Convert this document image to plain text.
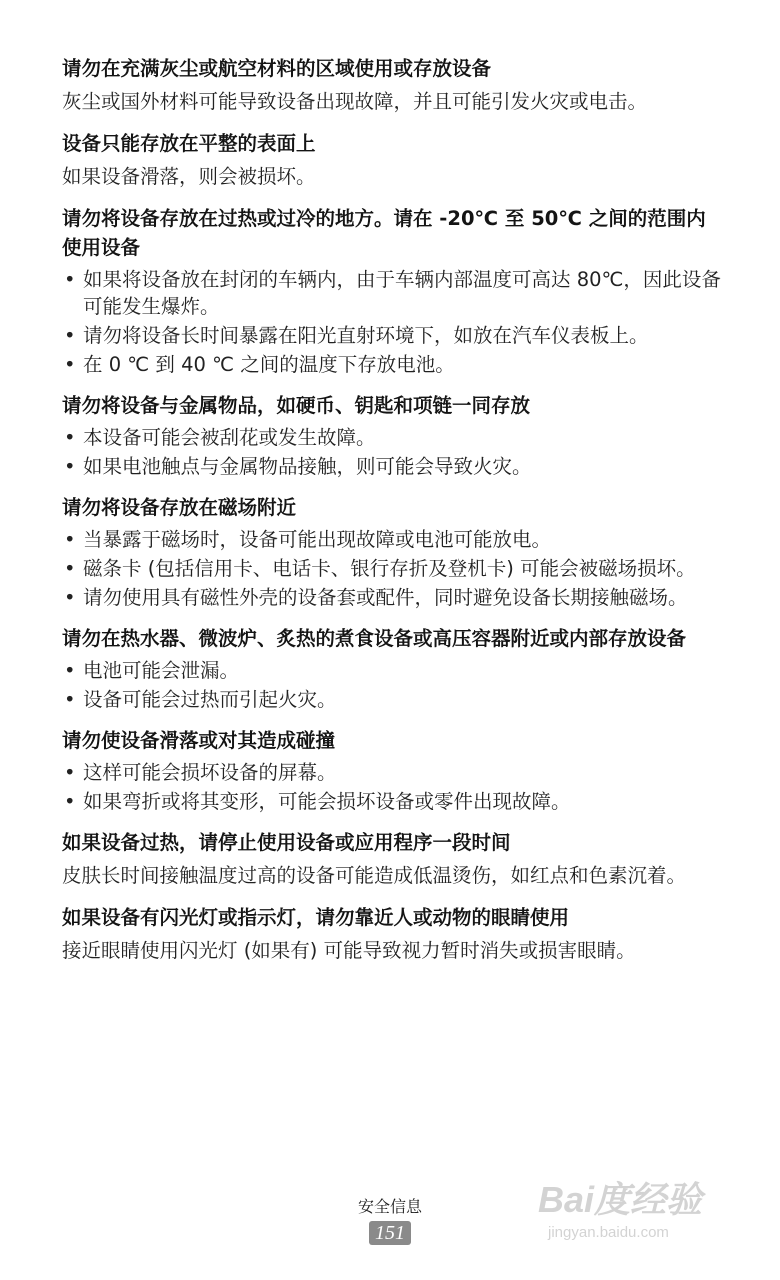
请勿在充满灰尘或航空材料的区域使用或存放设备

灰尘或国外材料可能导致设备出现故障，并且可能引发火灾或电击。

设备只能存放在平整的表面上

如果设备滑落，则会被损坏。

请勿将设备存放在过热或过冷的地方。请在 -20℃ 至 50℃ 之间的范围内使用设备
• 如果将设备放在封闭的车辆内，由于车辆内部温度可高达 80℃，因此设备可能发生爆炸。
• 请勿将设备长时间暴露在阳光直射环境下，如放在汽车仪表板上。
• 在 0 ℃ 到 40 ℃ 之间的温度下存放电池。
请勿将设备与金属物品，如硬币、钥匙和项链一同存放
• 本设备可能会被刮花或发生故障。
• 如果电池触点与金属物品接触，则可能会导致火灾。
请勿将设备存放在磁场附近
• 当暴露于磁场时，设备可能出现故障或电池可能放电。
• 磁条卡 (包括信用卡、电话卡、银行存折及登机卡) 可能会被磁场损坏。
• 请勿使用具有磁性外壳的设备套或配件，同时避免设备长期接触磁场。
请勿在热水器、微波炉、炙热的煮食设备或高压容器附近或内部存放设备
• 电池可能会泄漏。
• 设备可能会过热而引起火灾。
请勿使设备滑落或对其造成碰撞
• 这样可能会损坏设备的屏幕。
• 如果弯折或将其变形，可能会损坏设备或零件出现故障。
如果设备过热，请停止使用设备或应用程序一段时间

皮肤长时间接触温度过高的设备可能造成低温烫伤，如红点和色素沉着。

如果设备有闪光灯或指示灯，请勿靠近人或动物的眼睛使用

接近眼睛使用闪光灯 (如果有) 可能导致视力暂时消失或损害眼睛。

安全信息
151
Bai度经验
jingyan.baidu.com
